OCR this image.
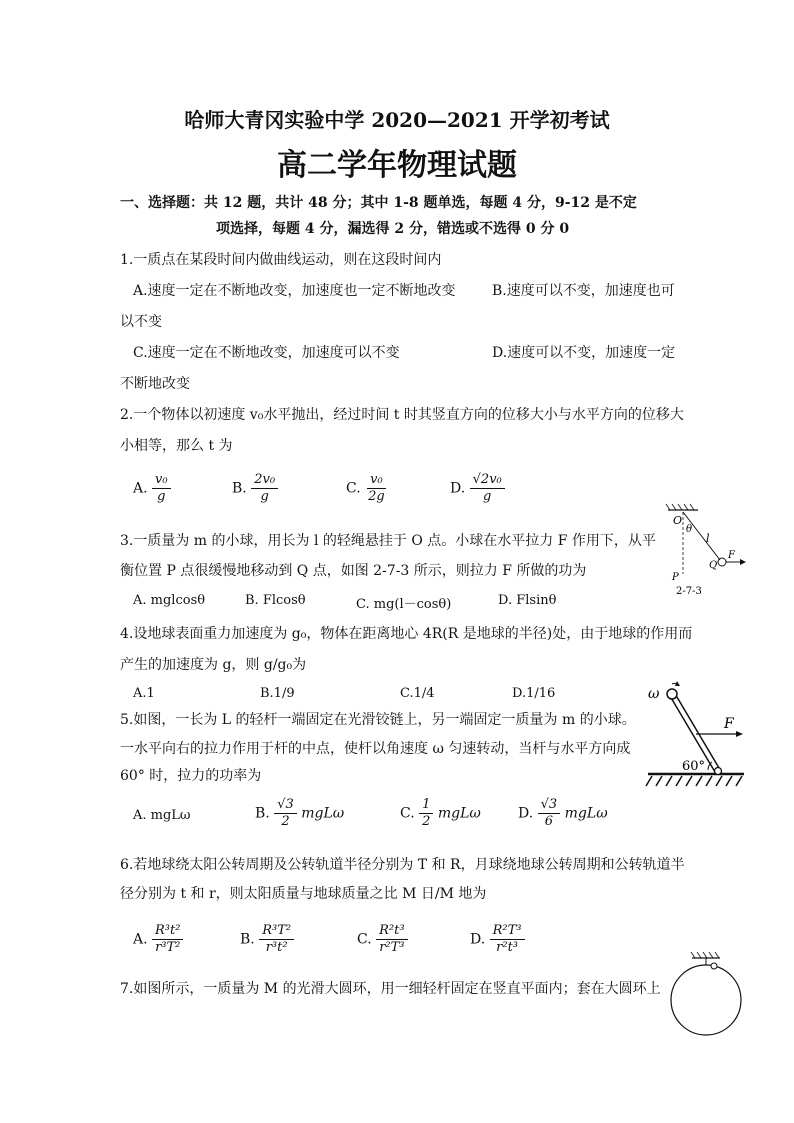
哈师大青冈实验中学 2020—2021 开学初考试
高二学年物理试题
一、选择题：共 12 题，共计 48 分；其中 1-8 题单选，每题 4 分，9-12 是不定
项选择，每题 4 分，漏选得 2 分，错选或不选得 0 分 0
1.一质点在某段时间内做曲线运动，则在这段时间内
A.速度一定在不断地改变，加速度也一定不断地改变	B.速度可以不变，加速度也可
以不变
C.速度一定在不断地改变，加速度可以不变	D.速度可以不变，加速度一定
不断地改变
2.一个物体以初速度 v₀水平抛出，经过时间 t 时其竖直方向的位移大小与水平方向的位移大
小相等，那么 t 为
A. $\frac{\text{v₀}}{g}$	B. $\frac{\text{2v₀}}{g}$	C. $\frac{\text{v₀}}{2g}$	D. $\frac{\text{√2v₀}}{g}$
3.一质量为 m 的小球，用长为 l 的轻绳悬挂于 O 点。小球在水平拉力 F 作用下，从平
衡位置 P 点很缓慢地移动到 Q 点，如图 2-7-3 所示，则拉力 F 所做的功为
A. mglcosθ	B. Flcosθ	C. mg(l－cosθ)	D. Flsinθ
O
θ
l
P
Q
F
2-7-3
4.设地球表面重力加速度为 g₀，物体在距离地心 4R(R 是地球的半径)处，由于地球的作用而
产生的加速度为 g，则 g/g₀为
A.1	B.1/9	C.1/4	D.1/16
5.如图，一长为 L 的轻杆一端固定在光滑铰链上，另一端固定一质量为 m 的小球。
一水平向右的拉力作用于杆的中点，使杆以角速度 ω 匀速转动，当杆与水平方向成
60° 时，拉力的功率为
ω
F
60°
A. mgLω	B. $\frac{√3}{2}$ mgLω	C. $\frac{1}{2}$ mgLω	D. $\frac{√3}{6}$ mgLω
6.若地球绕太阳公转周期及公转轨道半径分别为 T 和 R，月球绕地球公转周期和公转轨道半
径分别为 t 和 r，则太阳质量与地球质量之比 M 日/M 地为
A. $\frac{\text{R³t²}}{\text{r³T²}}$	B. $\frac{\text{R³T²}}{\text{r³t²}}$	C. $\frac{\text{R²t³}}{\text{r²T³}}$	D. $\frac{\text{R²T³}}{\text{r²t³}}$
7.如图所示，一质量为 M 的光滑大圆环，用一细轻杆固定在竖直平面内；套在大圆环上
